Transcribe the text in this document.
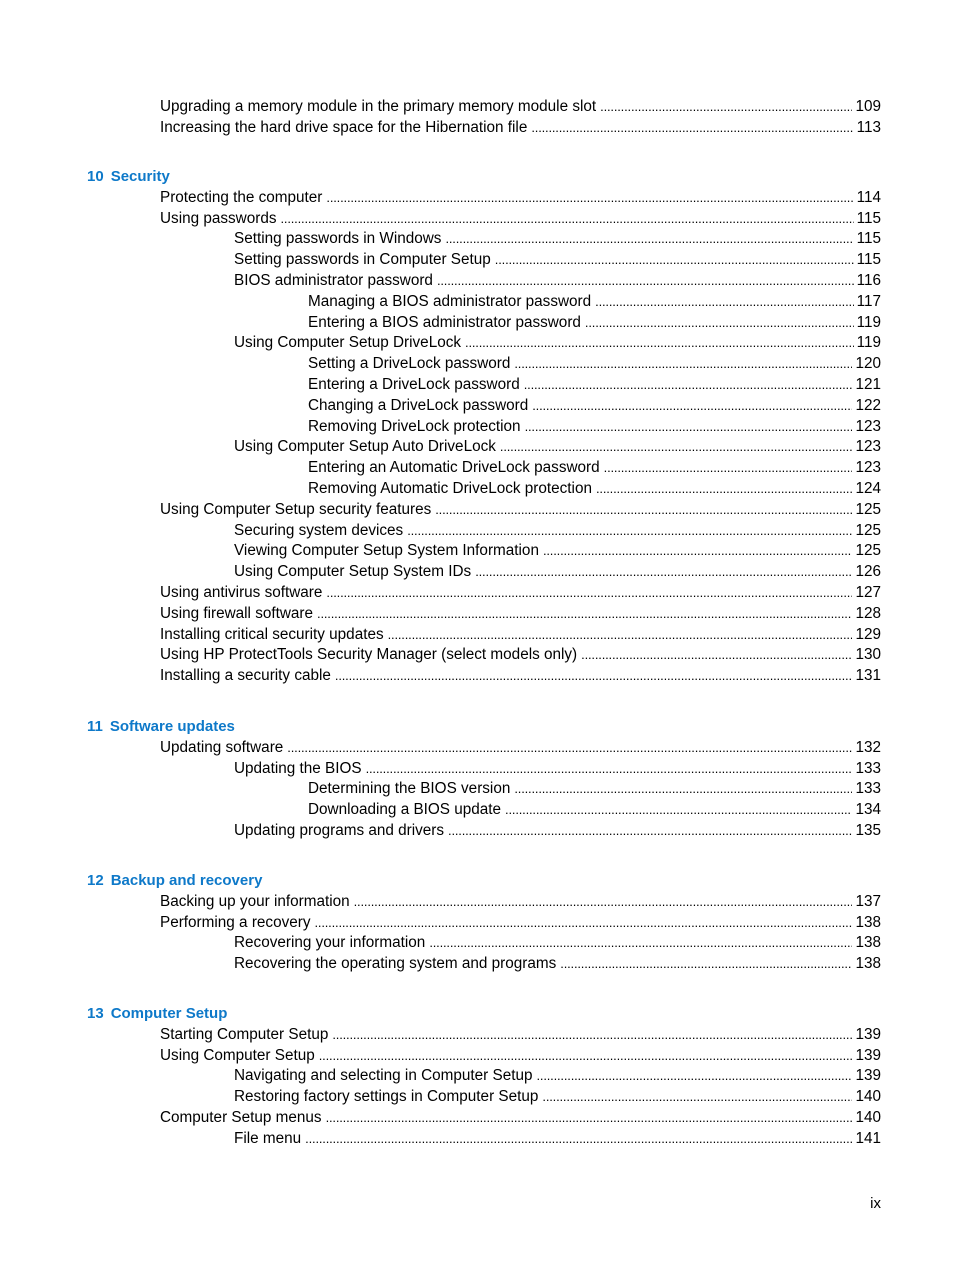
Upgrading a memory module in the primary memory module slot . . .	109
Increasing the hard drive space for the Hibernation file . . .	113
10 Security
Protecting the computer . . .	114
Using passwords . . .	115
Setting passwords in Windows . . .	115
Setting passwords in Computer Setup . . .	115
BIOS administrator password . . .	116
Managing a BIOS administrator password . . .	117
Entering a BIOS administrator password . . .	119
Using Computer Setup DriveLock . . .	119
Setting a DriveLock password . . .	120
Entering a DriveLock password . . .	121
Changing a DriveLock password . . .	122
Removing DriveLock protection . . .	123
Using Computer Setup Auto DriveLock . . .	123
Entering an Automatic DriveLock password . . .	123
Removing Automatic DriveLock protection . . .	124
Using Computer Setup security features . . .	125
Securing system devices . . .	125
Viewing Computer Setup System Information . . .	125
Using Computer Setup System IDs . . .	126
Using antivirus software . . .	127
Using firewall software . . .	128
Installing critical security updates . . .	129
Using HP ProtectTools Security Manager (select models only) . . .	130
Installing a security cable . . .	131
11 Software updates
Updating software . . .	132
Updating the BIOS . . .	133
Determining the BIOS version . . .	133
Downloading a BIOS update . . .	134
Updating programs and drivers . . .	135
12 Backup and recovery
Backing up your information . . .	137
Performing a recovery . . .	138
Recovering your information . . .	138
Recovering the operating system and programs . . .	138
13 Computer Setup
Starting Computer Setup . . .	139
Using Computer Setup . . .	139
Navigating and selecting in Computer Setup . . .	139
Restoring factory settings in Computer Setup . . .	140
Computer Setup menus . . .	140
File menu . . .	141
ix
